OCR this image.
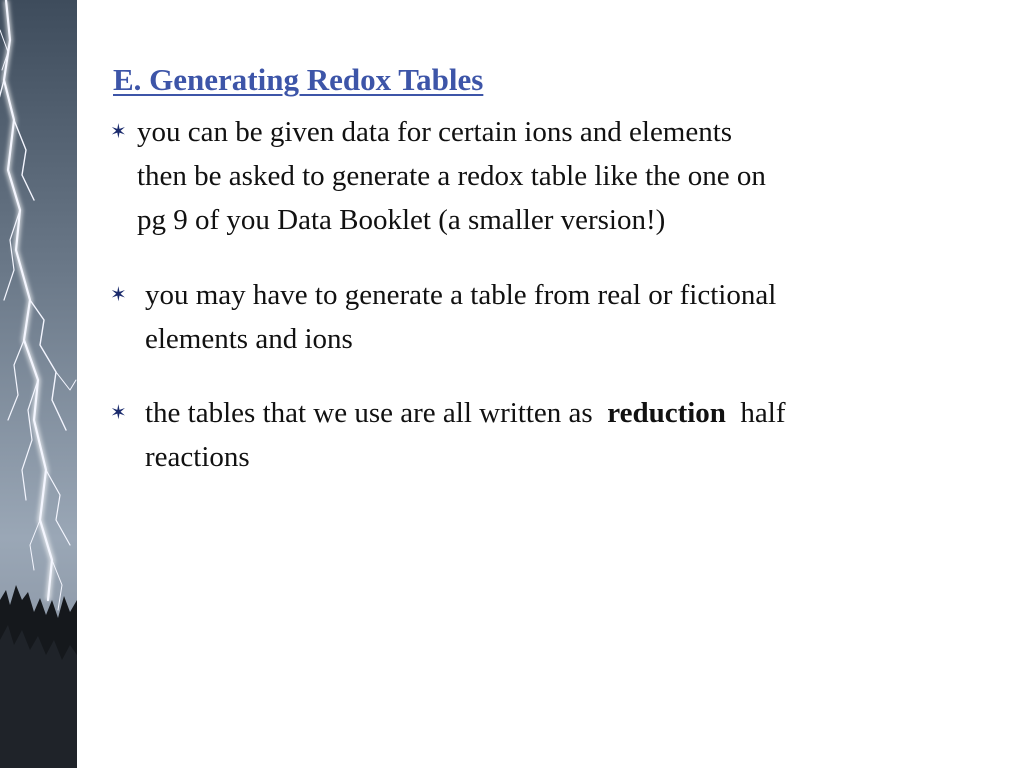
E. Generating Redox Tables
✶ you can be given data for certain ions and elements
then be asked to generate a redox table like the one on
pg 9 of you Data Booklet (a smaller version!)
✶ you may have to generate a table from real or fictional
elements and ions
✶ the tables that we use are all written as reduction half
reactions
